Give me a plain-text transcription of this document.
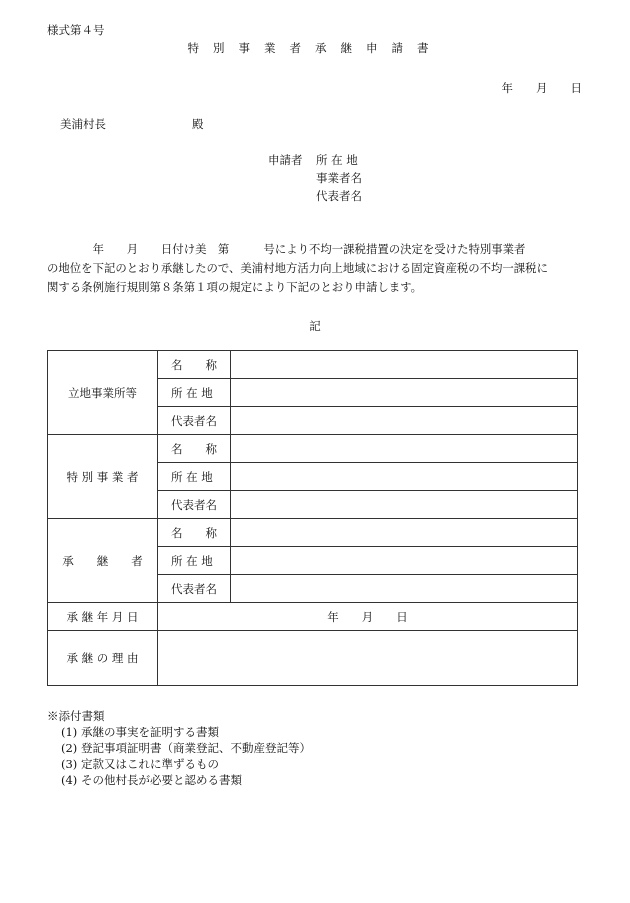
様式第４号
特別事業者承継申請書
年　　月　　日
美浦村長	殿
申請者 所 在 地
事業者名
代表者名
　　　　年　　月　　日付け美　第　　　号により不均一課税措置の決定を受けた特別事業者
の地位を下記のとおり承継したので、美浦村地方活力向上地域における固定資産税の不均一課税に
関する条例施行規則第８条第１項の規定により下記のとおり申請します。
記
立地事業所等	名　　称	
	所 在 地	
	代表者名	
特 別 事 業 者	名　　称	
	所 在 地	
	代表者名	
承　　継　　者	名　　称	
	所 在 地	
	代表者名	
承 継 年 月 日	年　　月　　日	
承 継 の 理 由		
※添付書類
(1) 承継の事実を証明する書類
(2) 登記事項証明書（商業登記、不動産登記等）
(3) 定款又はこれに準ずるもの
(4) その他村長が必要と認める書類
